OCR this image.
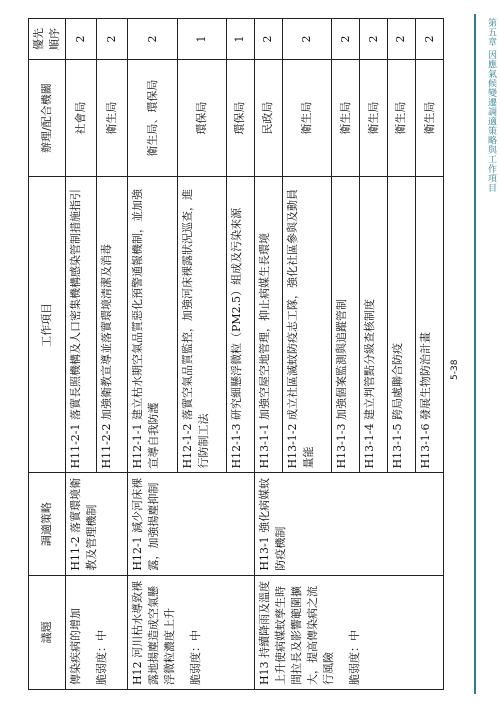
第五章 因應氣候變遷調適策略與工作項目
議題	調適策略	工作項目	辦理/配合機關	優先順序
傳染疾病的增加 脆弱度：中	H11-2 落實環境衛教及管理機制	H11-2-1 落實長照機構及人口密集機構感染管制措施指引	社會局	2
		H11-2-2 加強衛教宣導並落實環境清潔及消毒	衛生局	2
H12 河川枯水導致裸露地揚塵造成空氣懸浮微粒濃度上升 脆弱度：中	H12-1 減少河床裸露，加強揚塵抑制	H12-1-1 建立枯水期空氣品質惡化預警通報機制，並加強宣導自我防護	衛生局、環保局	2
		H12-1-2 落實空氣品質監控，加強河床裸露狀況巡查，進行防制工法	環保局	1
		H12-1-3 研究細懸浮微粒（PM2.5）組成及污染來源	環保局	1
H13 持續降雨及溫度上升使病媒蚊孳生時間拉長及影響範圍擴大，提高傳染病之流行風險 脆弱度：中	H13-1 強化病媒蚊防疫機制	H13-1-1 加強空屋空地管理，抑止病媒生長環境	民政局	2
		H13-1-2 成立社區滅蚊防疫志工隊，強化社區參與及動員量能	衛生局	2
		H13-1-3 加強個案監測與追蹤管制	衛生局	2
		H13-1-4 建立判管點分級查核制度	衛生局	2
		H13-1-5 跨局處聯合防疫	衛生局	2
		H13-1-6 發展生物防治計畫	衛生局	2
5-38
